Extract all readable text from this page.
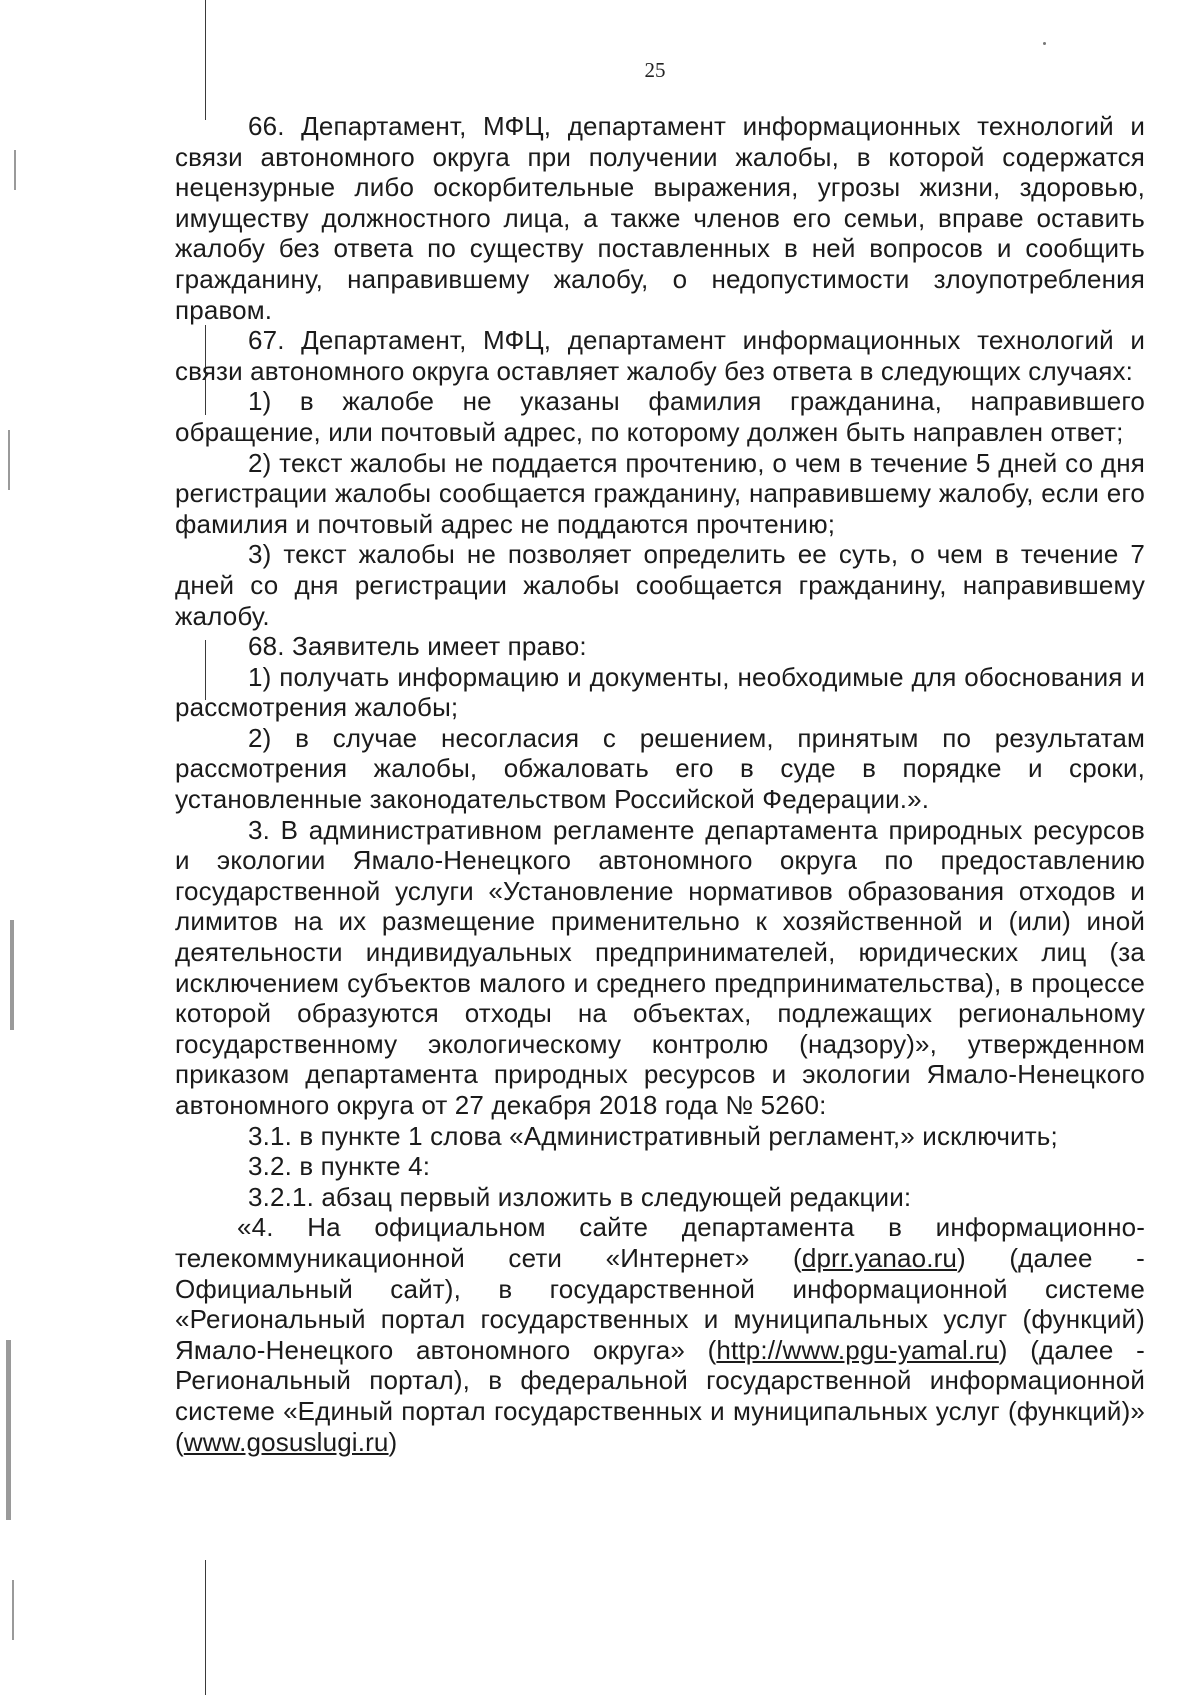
25

66. Департамент, МФЦ, департамент информационных технологий и связи автономного округа при получении жалобы, в которой содержатся нецензурные либо оскорбительные выражения, угрозы жизни, здоровью, имуществу должностного лица, а также членов его семьи, вправе оставить жалобу без ответа по существу поставленных в ней вопросов и сообщить гражданину, направившему жалобу, о недопустимости злоупотребления правом.

67. Департамент, МФЦ, департамент информационных технологий и связи автономного округа оставляет жалобу без ответа в следующих случаях:

1) в жалобе не указаны фамилия гражданина, направившего обращение, или почтовый адрес, по которому должен быть направлен ответ;

2) текст жалобы не поддается прочтению, о чем в течение 5 дней со дня регистрации жалобы сообщается гражданину, направившему жалобу, если его фамилия и почтовый адрес не поддаются прочтению;

3) текст жалобы не позволяет определить ее суть, о чем в течение 7 дней со дня регистрации жалобы сообщается гражданину, направившему жалобу.

68. Заявитель имеет право:

1) получать информацию и документы, необходимые для обоснования и рассмотрения жалобы;

2) в случае несогласия с решением, принятым по результатам рассмотрения жалобы, обжаловать его в суде в порядке и сроки, установленные законодательством Российской Федерации.».

3. В административном регламенте департамента природных ресурсов и экологии Ямало-Ненецкого автономного округа по предоставлению государственной услуги «Установление нормативов образования отходов и лимитов на их размещение применительно к хозяйственной и (или) иной деятельности индивидуальных предпринимателей, юридических лиц (за исключением субъектов малого и среднего предпринимательства), в процессе которой образуются отходы на объектах, подлежащих региональному государственному экологическому контролю (надзору)», утвержденном приказом департамента природных ресурсов и экологии Ямало-Ненецкого автономного округа от 27 декабря 2018 года № 5260:

3.1. в пункте 1 слова «Административный регламент,» исключить;

3.2. в пункте 4:

3.2.1. абзац первый изложить в следующей редакции:

«4. На официальном сайте департамента в информационно-телекоммуникационной сети «Интернет» (dprr.yanao.ru) (далее - Официальный сайт), в государственной информационной системе «Региональный портал государственных и муниципальных услуг (функций) Ямало-Ненецкого автономного округа» (http://www.pgu-yamal.ru) (далее - Региональный портал), в федеральной государственной информационной системе «Единый портал государственных и муниципальных услуг (функций)» (www.gosuslugi.ru)
